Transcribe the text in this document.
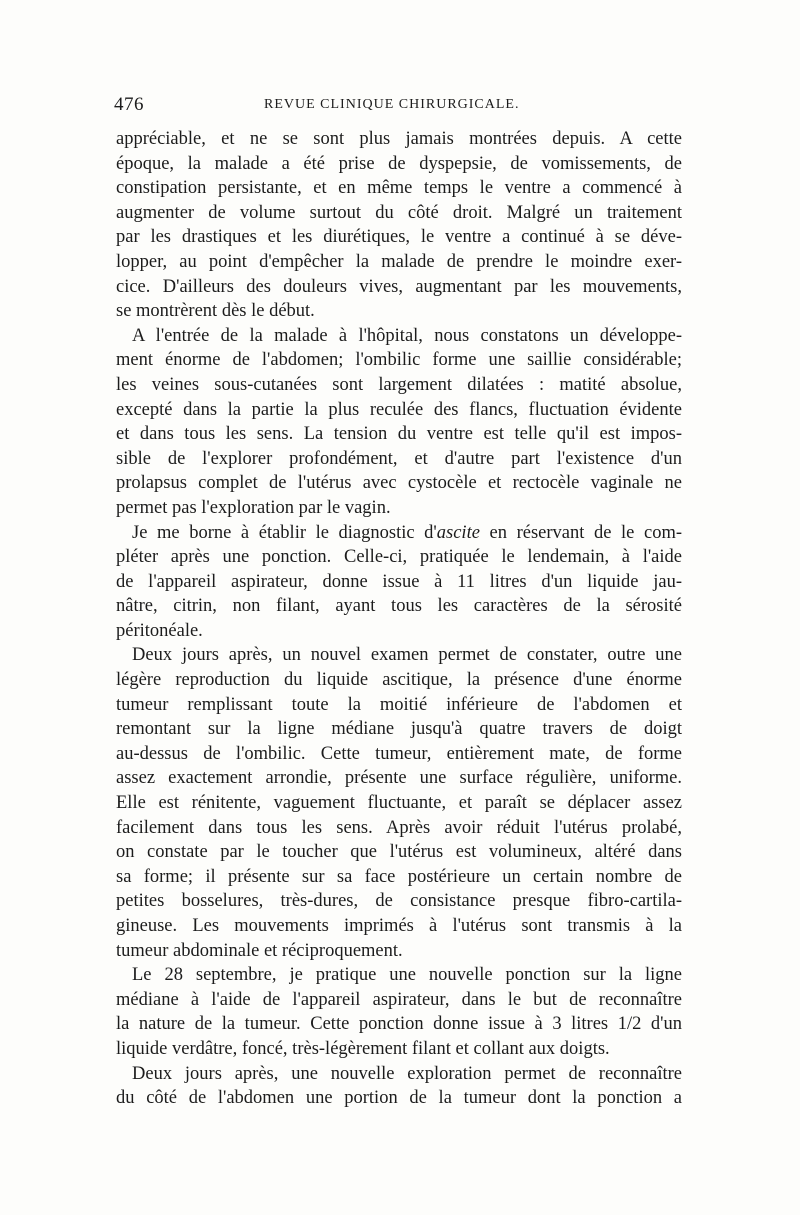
476	REVUE CLINIQUE CHIRURGICALE.
appréciable, et ne se sont plus jamais montrées depuis. A cette
époque, la malade a été prise de dyspepsie, de vomissements, de
constipation persistante, et en même temps le ventre a commencé à
augmenter de volume surtout du côté droit. Malgré un traitement
par les drastiques et les diurétiques, le ventre a continué à se déve-
lopper, au point d'empêcher la malade de prendre le moindre exer-
cice. D'ailleurs des douleurs vives, augmentant par les mouvements,
se montrèrent dès le début.
A l'entrée de la malade à l'hôpital, nous constatons un développe-
ment énorme de l'abdomen; l'ombilic forme une saillie considérable;
les veines sous-cutanées sont largement dilatées : matité absolue,
excepté dans la partie la plus reculée des flancs, fluctuation évidente
et dans tous les sens. La tension du ventre est telle qu'il est impos-
sible de l'explorer profondément, et d'autre part l'existence d'un
prolapsus complet de l'utérus avec cystocèle et rectocèle vaginale ne
permet pas l'exploration par le vagin.
Je me borne à établir le diagnostic d'ascite en réservant de le com-
pléter après une ponction. Celle-ci, pratiquée le lendemain, à l'aide
de l'appareil aspirateur, donne issue à 11 litres d'un liquide jau-
nâtre, citrin, non filant, ayant tous les caractères de la sérosité
péritonéale.
Deux jours après, un nouvel examen permet de constater, outre une
légère reproduction du liquide ascitique, la présence d'une énorme
tumeur remplissant toute la moitié inférieure de l'abdomen et
remontant sur la ligne médiane jusqu'à quatre travers de doigt
au-dessus de l'ombilic. Cette tumeur, entièrement mate, de forme
assez exactement arrondie, présente une surface régulière, uniforme.
Elle est rénitente, vaguement fluctuante, et paraît se déplacer assez
facilement dans tous les sens. Après avoir réduit l'utérus prolabé,
on constate par le toucher que l'utérus est volumineux, altéré dans
sa forme; il présente sur sa face postérieure un certain nombre de
petites bosselures, très-dures, de consistance presque fibro-cartila-
gineuse. Les mouvements imprimés à l'utérus sont transmis à la
tumeur abdominale et réciproquement.
Le 28 septembre, je pratique une nouvelle ponction sur la ligne
médiane à l'aide de l'appareil aspirateur, dans le but de reconnaître
la nature de la tumeur. Cette ponction donne issue à 3 litres 1/2 d'un
liquide verdâtre, foncé, très-légèrement filant et collant aux doigts.
Deux jours après, une nouvelle exploration permet de reconnaître
du côté de l'abdomen une portion de la tumeur dont la ponction a
